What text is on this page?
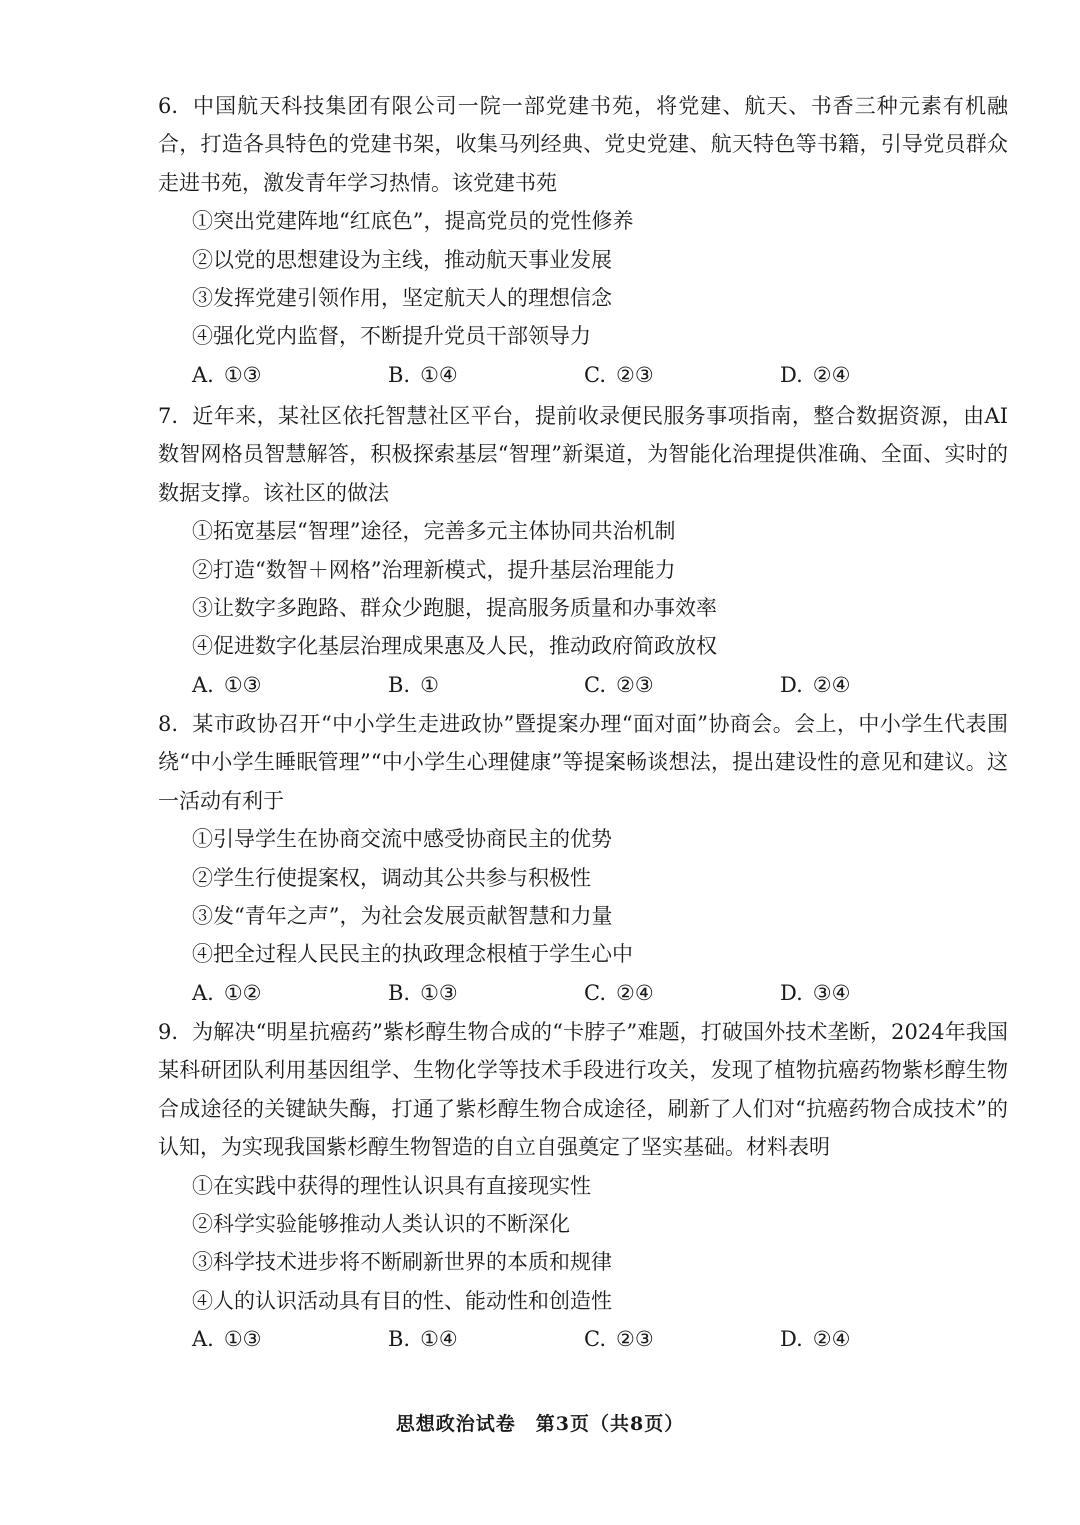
6. 中国航天科技集团有限公司一院一部党建书苑，将党建、航天、书香三种元素有机融合，打造各具特色的党建书架，收集马列经典、党史党建、航天特色等书籍，引导党员群众走进书苑，激发青年学习热情。该党建书苑

①突出党建阵地“红底色”，提高党员的党性修养
②以党的思想建设为主线，推动航天事业发展
③发挥党建引领作用，坚定航天人的理想信念
④强化党内监督，不断提升党员干部领导力
A. ①③	B. ①④	C. ②③	D. ②④

7. 近年来，某社区依托智慧社区平台，提前收录便民服务事项指南，整合数据资源，由AI数智网格员智慧解答，积极探索基层“智理”新渠道，为智能化治理提供准确、全面、实时的数据支撑。该社区的做法

①拓宽基层“智理”途径，完善多元主体协同共治机制
②打造“数智＋网格”治理新模式，提升基层治理能力
③让数字多跑路、群众少跑腿，提高服务质量和办事效率
④促进数字化基层治理成果惠及人民，推动政府简政放权
A. ①③	B. ①	C. ②③	D. ②④

8. 某市政协召开“中小学生走进政协”暨提案办理“面对面”协商会。会上，中小学生代表围绕“中小学生睡眠管理”“中小学生心理健康”等提案畅谈想法，提出建设性的意见和建议。这一活动有利于

①引导学生在协商交流中感受协商民主的优势
②学生行使提案权，调动其公共参与积极性
③发“青年之声”，为社会发展贡献智慧和力量
④把全过程人民民主的执政理念根植于学生心中
A. ①②	B. ①③	C. ②④	D. ③④

9. 为解决“明星抗癌药”紫杉醇生物合成的“卡脖子”难题，打破国外技术垄断，2024年我国某科研团队利用基因组学、生物化学等技术手段进行攻关，发现了植物抗癌药物紫杉醇生物合成途径的关键缺失酶，打通了紫杉醇生物合成途径，刷新了人们对“抗癌药物合成技术”的认知，为实现我国紫杉醇生物智造的自立自强奠定了坚实基础。材料表明

①在实践中获得的理性认识具有直接现实性
②科学实验能够推动人类认识的不断深化
③科学技术进步将不断刷新世界的本质和规律
④人的认识活动具有目的性、能动性和创造性
A. ①③	B. ①④	C. ②③	D. ②④
思想政治试卷　第3页（共8页）
